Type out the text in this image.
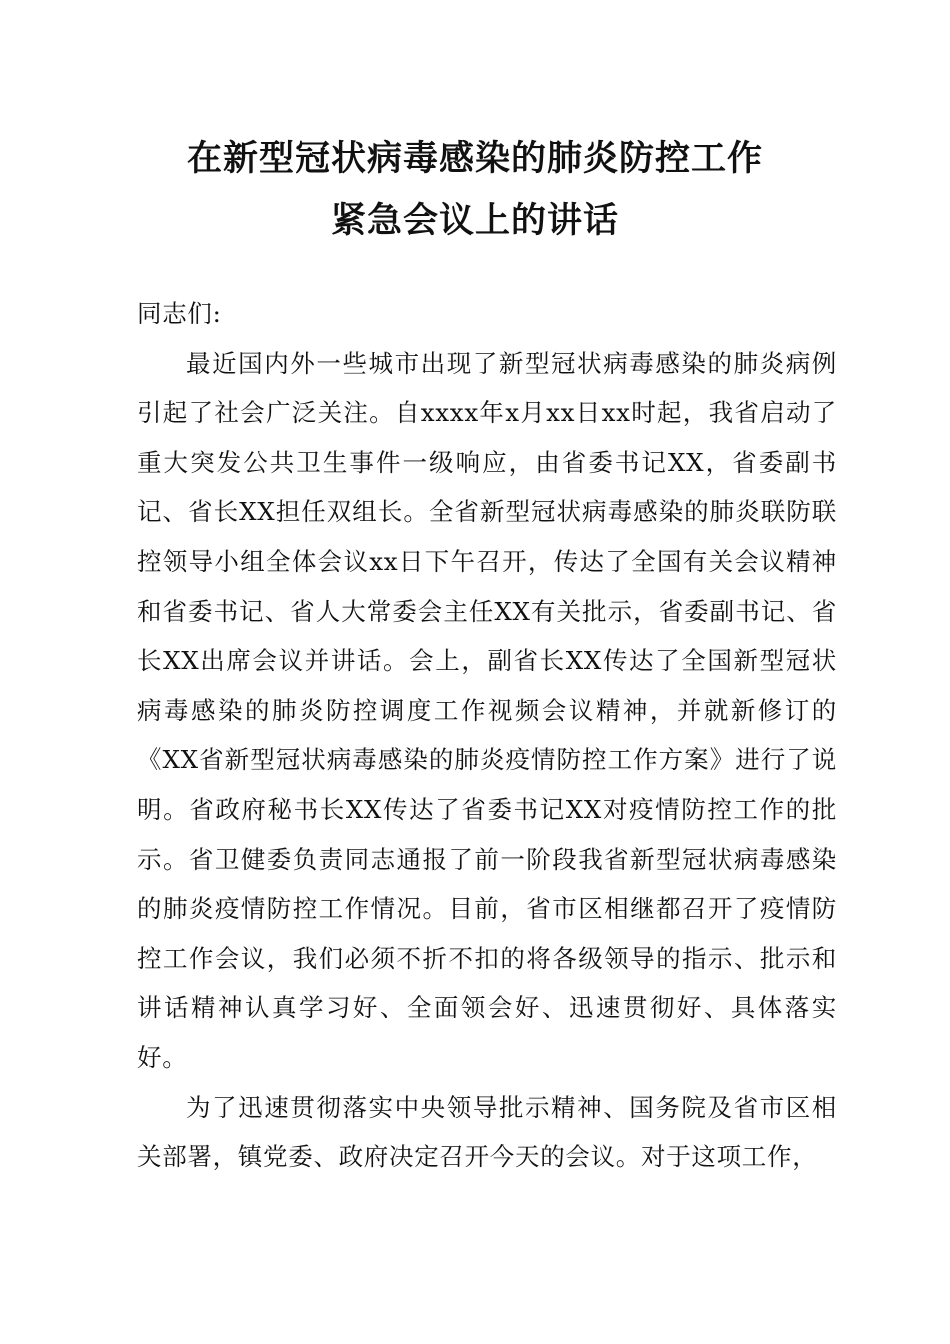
在新型冠状病毒感染的肺炎防控工作
紧急会议上的讲话

同志们:

最近国内外一些城市出现了新型冠状病毒感染的肺炎病例引起了社会广泛关注。自xxxx年x月xx日xx时起，我省启动了重大突发公共卫生事件一级响应，由省委书记XX，省委副书记、省长XX担任双组长。全省新型冠状病毒感染的肺炎联防联控领导小组全体会议xx日下午召开，传达了全国有关会议精神和省委书记、省人大常委会主任XX有关批示，省委副书记、省长XX出席会议并讲话。会上，副省长XX传达了全国新型冠状病毒感染的肺炎防控调度工作视频会议精神，并就新修订的《XX省新型冠状病毒感染的肺炎疫情防控工作方案》进行了说明。省政府秘书长XX传达了省委书记XX对疫情防控工作的批示。省卫健委负责同志通报了前一阶段我省新型冠状病毒感染的肺炎疫情防控工作情况。目前，省市区相继都召开了疫情防控工作会议，我们必须不折不扣的将各级领导的指示、批示和讲话精神认真学习好、全面领会好、迅速贯彻好、具体落实好。

为了迅速贯彻落实中央领导批示精神、国务院及省市区相关部署，镇党委、政府决定召开今天的会议。对于这项工作，
